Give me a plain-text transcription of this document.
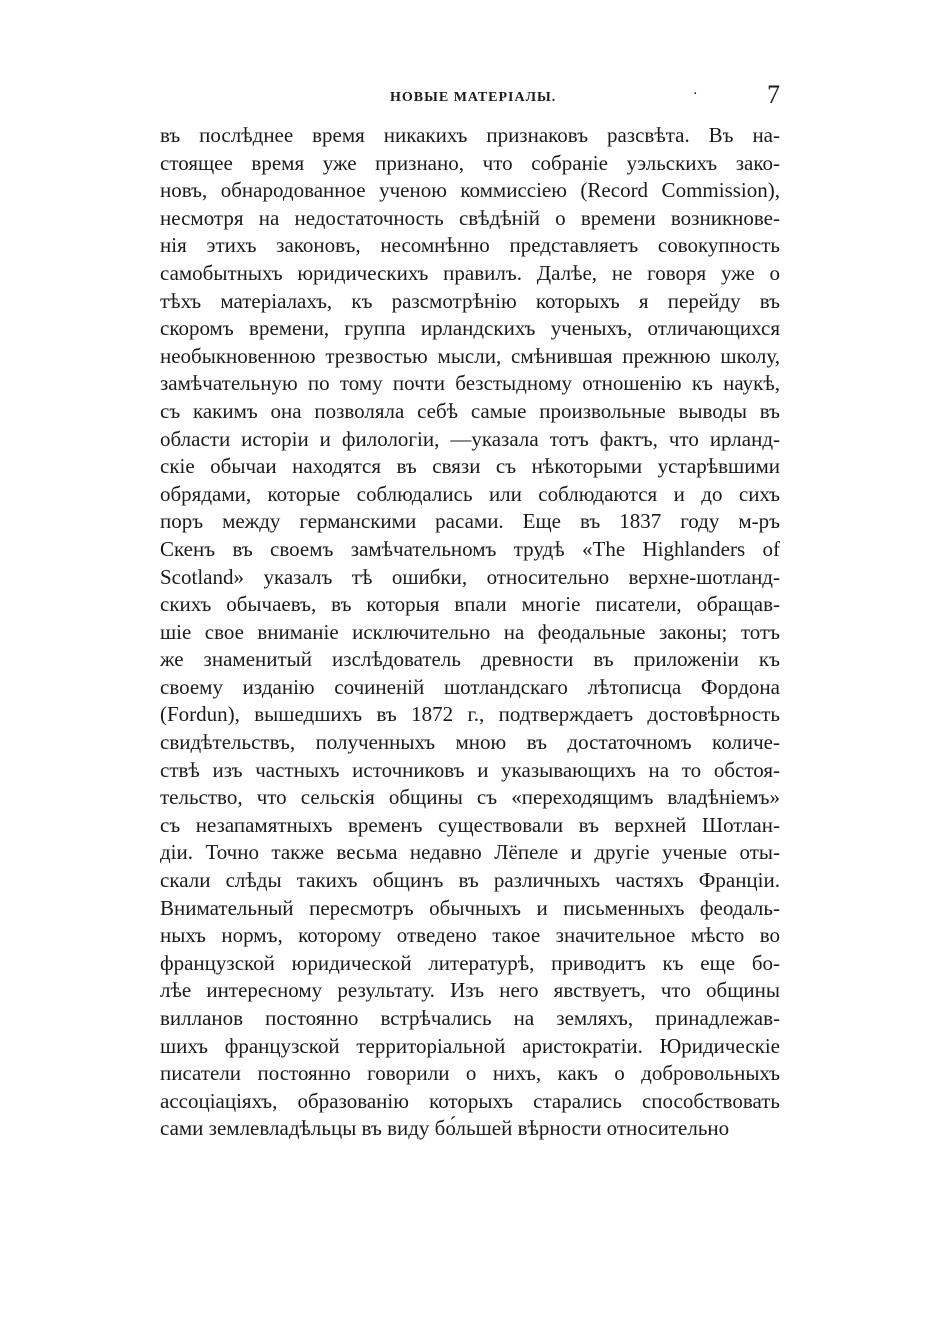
НОВЫЕ МАТЕРІАЛЫ.	·	7
въ послѣднее время никакихъ признаковъ разсвѣта. Въ на-
стоящее время уже признано, что собраніе уэльскихъ зако-
новъ, обнародованное ученою коммиссіею (Record Commission),
несмотря на недостаточность свѣдѣній о времени возникнове-
нія этихъ законовъ, несомнѣнно представляетъ совокупность
самобытныхъ юридическихъ правилъ. Далѣе, не говоря уже о
тѣхъ матеріалахъ, къ разсмотрѣнію которыхъ я перейду въ
скоромъ времени, группа ирландскихъ ученыхъ, отличающихся
необыкновенною трезвостью мысли, смѣнившая прежнюю школу,
замѣчательную по тому почти безстыдному отношенію къ наукѣ,
съ какимъ она позволяла себѣ самые произвольные выводы въ
области исторіи и филологіи, —указала тотъ фактъ, что ирланд-
скіе обычаи находятся въ связи съ нѣкоторыми устарѣвшими
обрядами, которые соблюдались или соблюдаются и до сихъ
поръ между германскими расами. Еще въ 1837 году м-ръ
Скенъ въ своемъ замѣчательномъ трудѣ «The Highlanders of
Scotland» указалъ тѣ ошибки, относительно верхне-шотланд-
скихъ обычаевъ, въ которыя впали многіе писатели, обращав-
шіе свое вниманіе исключительно на феодальные законы; тотъ
же знаменитый изслѣдователь древности въ приложеніи къ
своему изданію сочиненій шотландскаго лѣтописца Фордона
(Fordun), вышедшихъ въ 1872 г., подтверждаетъ достовѣрность
свидѣтельствъ, полученныхъ мною въ достаточномъ количе-
ствѣ изъ частныхъ источниковъ и указывающихъ на то обстоя-
тельство, что сельскія общины съ «переходящимъ владѣніемъ»
съ незапамятныхъ временъ существовали въ верхней Шотлан-
діи. Точно также весьма недавно Лёпеле и другіе ученые оты-
скали слѣды такихъ общинъ въ различныхъ частяхъ Франціи.
Внимательный пересмотръ обычныхъ и письменныхъ феодаль-
ныхъ нормъ, которому отведено такое значительное мѣсто во
французской юридической литературѣ, приводитъ къ еще бо-
лѣе интересному результату. Изъ него явствуетъ, что общины
вилланов постоянно встрѣчались на земляхъ, принадлежав-
шихъ французской территоріальной аристократіи. Юридическіе
писатели постоянно говорили о нихъ, какъ о добровольныхъ
ассоціаціяхъ, образованію которыхъ старались способствовать
сами землевладѣльцы въ виду бо́льшей вѣрности относительно
